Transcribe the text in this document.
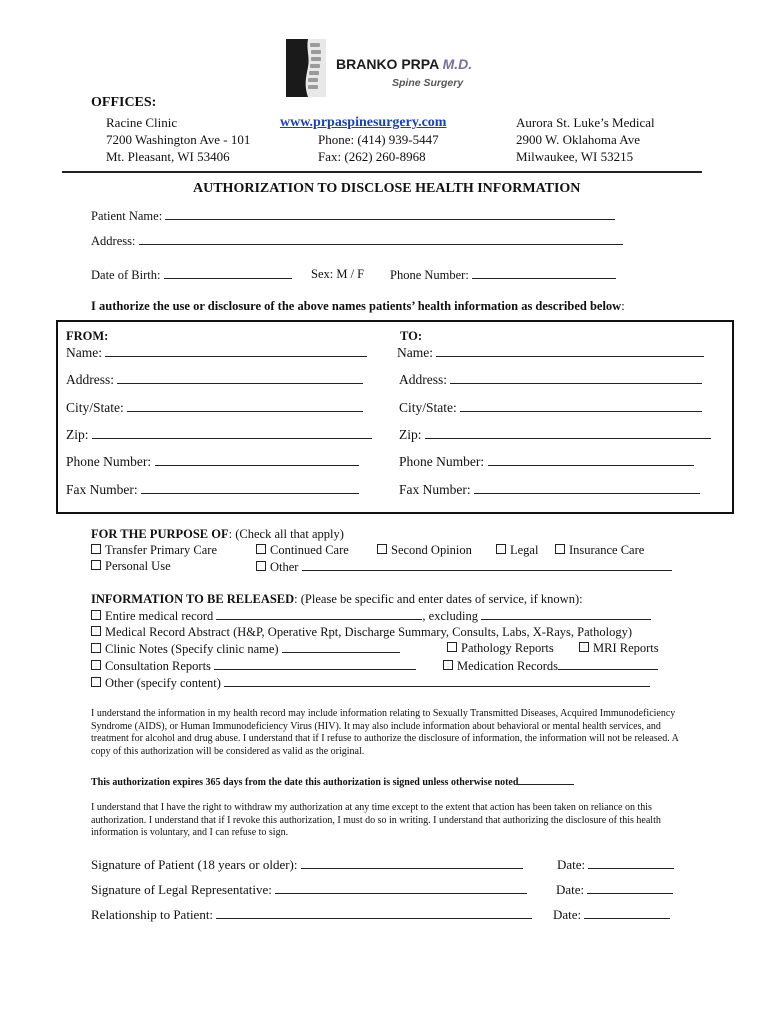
BRANKO PRPA M.D.
Spine Surgery
OFFICES:
Racine Clinic
7200 Washington Ave - 101
Mt. Pleasant, WI 53406
www.prpaspinesurgery.com
Phone: (414) 939-5447
Fax: (262) 260-8968
Aurora St. Luke’s Medical
2900 W. Oklahoma Ave
Milwaukee, WI 53215
AUTHORIZATION TO DISCLOSE HEALTH INFORMATION
Patient Name:
Address:
Date of Birth:	Sex: M / F Phone Number:
I authorize the use or disclosure of the above names patients’ health information as described below:
FROM:
Name:
Address:
City/State:
Zip:
Phone Number:
Fax Number:
TO:
Name:
Address:
City/State:
Zip:
Phone Number:
Fax Number:
FOR THE PURPOSE OF: (Check all that apply)
Transfer Primary Care	Continued Care	Second Opinion	Legal	Insurance Care
Personal Use	Other
INFORMATION TO BE RELEASED: (Please be specific and enter dates of service, if known):
Entire medical record	, excluding
Medical Record Abstract (H&P, Operative Rpt, Discharge Summary, Consults, Labs, X-Rays, Pathology)
Clinic Notes (Specify clinic name)	Pathology Reports	MRI Reports
Consultation Reports	Medication Records
Other (specify content)
I understand the information in my health record may include information relating to Sexually Transmitted Diseases, Acquired Immunodeficiency Syndrome (AIDS), or Human Immunodeficiency Virus (HIV). It may also include information about behavioral or mental health services, and treatment for alcohol and drug abuse. I understand that if I refuse to authorize the disclosure of information, the information will not be released. A copy of this authorization will be considered as valid as the original.
This authorization expires 365 days from the date this authorization is signed unless otherwise noted
I understand that I have the right to withdraw my authorization at any time except to the extent that action has been taken on reliance on this authorization. I understand that if I revoke this authorization, I must do so in writing. I understand that authorizing the disclosure of this health information is voluntary, and I can refuse to sign.
Signature of Patient (18 years or older):	Date:
Signature of Legal Representative:	Date:
Relationship to Patient:	Date:
